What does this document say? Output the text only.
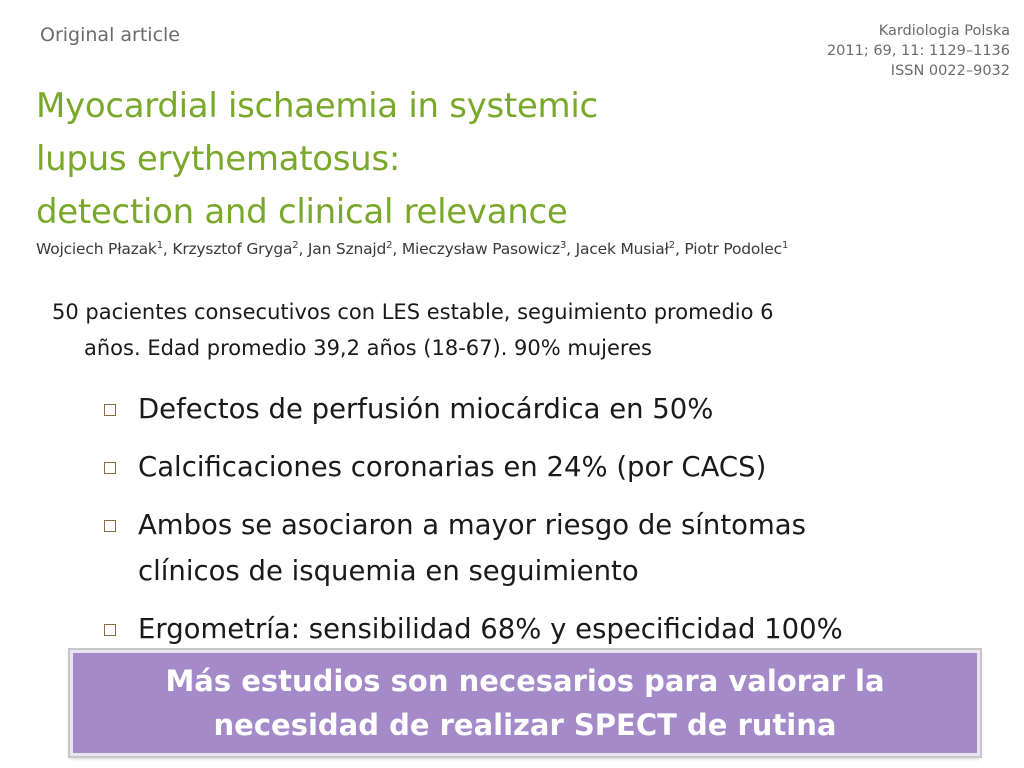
Original article	Kardiologia Polska
2011; 69, 11: 1129–1136
ISSN 0022–9032
Myocardial ischaemia in systemic
lupus erythematosus:
detection and clinical relevance
Wojciech Płazak$^1$, Krzysztof Gryga$^2$, Jan Sznajd$^2$, Mieczysław Pasowicz$^3$, Jacek Musiał$^2$, Piotr Podolec$^1$
50 pacientes consecutivos con LES estable, seguimiento promedio 6
años. Edad promedio 39,2 años (18-67). 90% mujeres
Defectos de perfusión miocárdica en 50%
Calcificaciones coronarias en 24% (por CACS)
Ambos se asociaron a mayor riesgo de síntomas
clínicos de isquemia en seguimiento
Ergometría: sensibilidad 68% y especificidad 100%
Más estudios son necesarios para valorar la
necesidad de realizar SPECT de rutina
